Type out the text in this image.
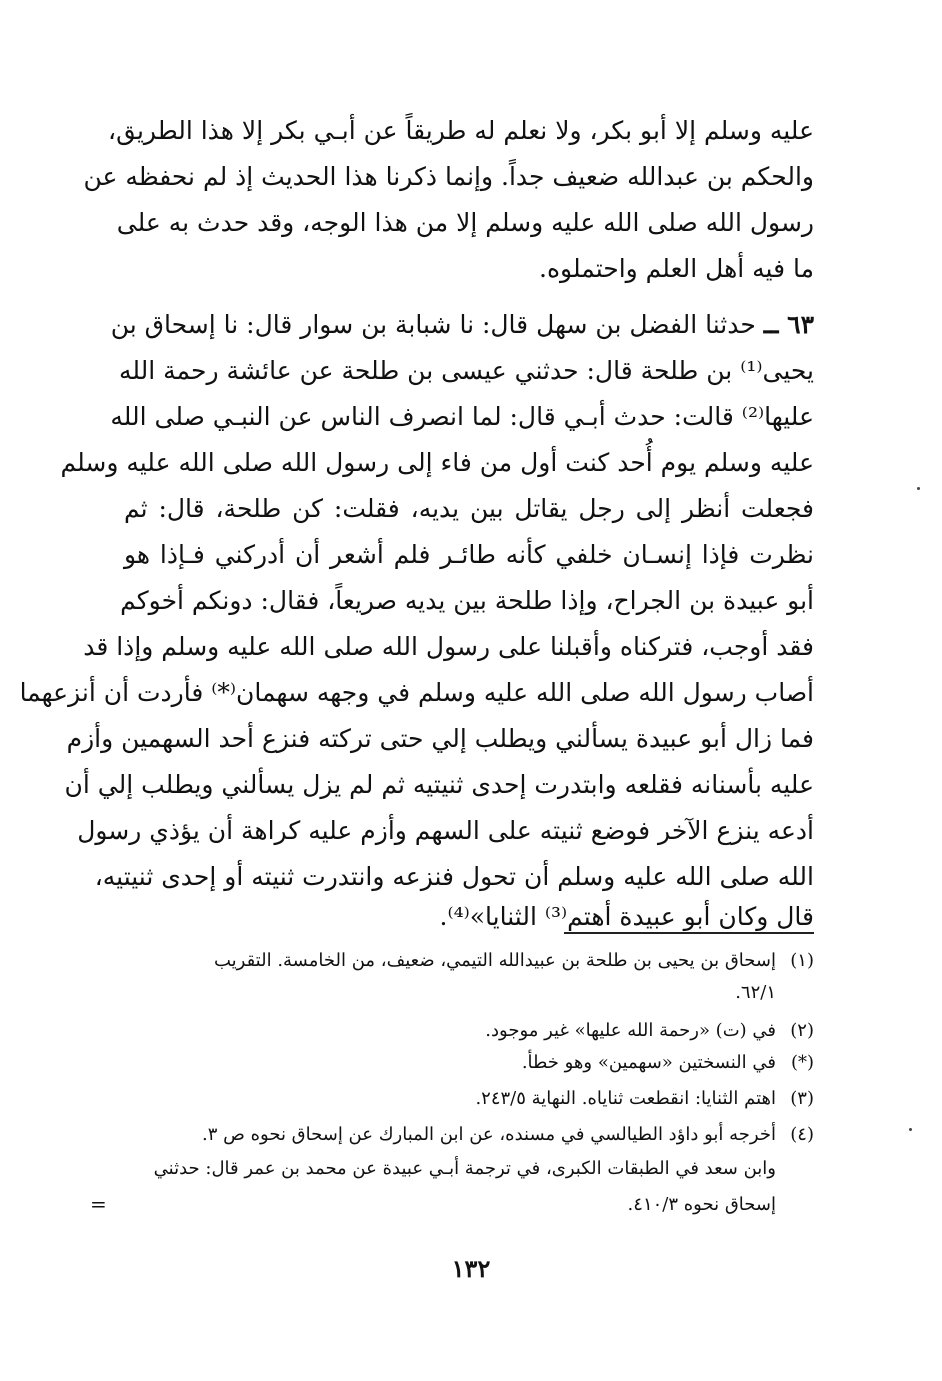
عليه وسلم إلا أبو بكر، ولا نعلم له طريقاً عن أبـي بكر إلا هذا الطريق،
والحكم بن عبدالله ضعيف جداً. وإنما ذكرنا هذا الحديث إذ لم نحفظه عن
رسول الله صلى الله عليه وسلم إلا من هذا الوجه، وقد حدث به على
ما فيه أهل العلم واحتملوه.
٦٣ ــ حدثنا الفضل بن سهل قال: نا شبابة بن سوار قال: نا إسحاق بن
يحيى⁽¹⁾ بن طلحة قال: حدثني عيسى بن طلحة عن عائشة رحمة الله
عليها⁽²⁾ قالت: حدث أبـي قال: لما انصرف الناس عن النبـي صلى الله
عليه وسلم يوم أُحد كنت أول من فاء إلى رسول الله صلى الله عليه وسلم
فجعلت أنظر إلى رجل يقاتل بين يديه، فقلت: كن طلحة، قال: ثم
نظرت فإذا إنسـان خلفي كأنه طائـر فلم أشعر أن أدركني فـإذا هو
أبو عبيدة بن الجراح، وإذا طلحة بين يديه صريعاً، فقال: دونكم أخوكم
فقد أوجب، فتركناه وأقبلنا على رسول الله صلى الله عليه وسلم وإذا قد
أصاب رسول الله صلى الله عليه وسلم في وجهه سهمان⁽*⁾ فأردت أن أنزعهما
فما زال أبو عبيدة يسألني ويطلب إلي حتى تركته فنزع أحد السهمين وأزم
عليه بأسنانه فقلعه وابتدرت إحدى ثنيتيه ثم لم يزل يسألني ويطلب إلي أن
أدعه ينزع الآخر فوضع ثنيته على السهم وأزم عليه كراهة أن يؤذي رسول
الله صلى الله عليه وسلم أن تحول فنزعه وانتدرت ثنيته أو إحدى ثنيتيه،
قال وكان أبو عبيدة أهتم⁽³⁾ الثنايا»⁽⁴⁾.
(١)إسحاق بن يحيى بن طلحة بن عبيدالله التيمي، ضعيف، من الخامسة. التقريب
٦٢/١.
(٢)في (ت) «رحمة الله عليها» غير موجود.
(*)في النسختين «سهمين» وهو خطأ.
(٣)اهتم الثنايا: انقطعت ثناياه. النهاية ٢٤٣/٥.
(٤)أخرجه أبو داؤد الطيالسي في مسنده، عن ابن المبارك عن إسحاق نحوه ص ٣.
وابن سعد في الطبقات الكبرى، في ترجمة أبـي عبيدة عن محمد بن عمر قال: حدثني
إسحاق نحوه ٤١٠/٣.
=
١٣٢
